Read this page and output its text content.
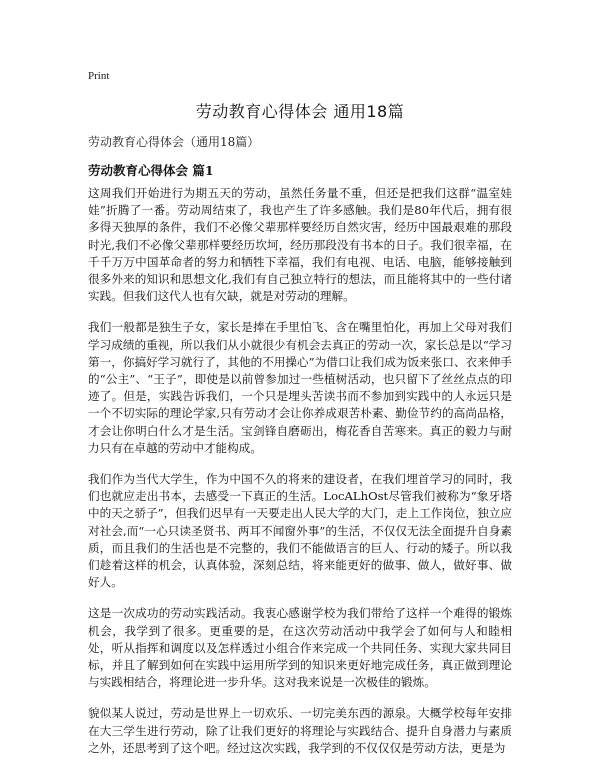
Print
劳动教育心得体会 通用18篇

劳动教育心得体会（通用18篇）

劳动教育心得体会 篇1

这周我们开始进行为期五天的劳动，虽然任务量不重，但还是把我们这群“温室娃娃”折腾了一番。劳动周结束了，我也产生了许多感触。我们是80年代后，拥有很多得天独厚的条件，我们不必像父辈那样要经历自然灾害，经历中国最艰难的那段时光,我们不必像父辈那样要经历坎坷，经历那段没有书本的日子。我们很幸福，在千千万万中国革命者的努力和牺牲下幸福，我们有电视、电话、电脑，能够接触到很多外来的知识和思想文化,我们有自己独立特行的想法，而且能将其中的一些付诸实践。但我们这代人也有欠缺，就是对劳动的理解。

我们一般都是独生子女，家长是捧在手里怕飞、含在嘴里怕化，再加上父母对我们学习成绩的重视，所以我们从小就很少有机会去真正的劳动一次，家长总是以“学习第一，你搞好学习就行了，其他的不用操心”为借口让我们成为饭来张口、衣来伸手的“公主”、“王子”，即使是以前曾参加过一些植树活动，也只留下了丝丝点点的印迹了。但是，实践告诉我们，一个只是埋头苦读书而不参加到实践中的人永远只是一个不切实际的理论学家,只有劳动才会让你养成艰苦朴素、勤俭节约的高尚品格，才会让你明白什么才是生活。宝剑锋自磨砺出，梅花香自苦寒来。真正的毅力与耐力只有在卓越的劳动中才能构成。

我们作为当代大学生，作为中国不久的将来的建设者，在我们埋首学习的同时，我们也就应走出书本，去感受一下真正的生活。LocALhOst尽管我们被称为“象牙塔中的天之骄子”，但我们迟早有一天要走出人民大学的大门，走上工作岗位，独立应对社会,而“一心只读圣贤书、两耳不闻窗外事”的生活，不仅仅无法全面提升自身素质，而且我们的生活也是不完整的，我们不能做语言的巨人、行动的矮子。所以我们趁着这样的机会，认真体验，深刻总结，将来能更好的做事、做人，做好事、做好人。

这是一次成功的劳动实践活动。我衷心感谢学校为我们带给了这样一个难得的锻炼机会，我学到了很多。更重要的是，在这次劳动活动中我学会了如何与人和睦相处，听从指挥和调度以及怎样透过小组合作来完成一个共同任务、实现大家共同目标，并且了解到如何在实践中运用所学到的知识来更好地完成任务，真正做到理论与实践相结合，将理论进一步升华。这对我来说是一次极佳的锻炼。

貌似某人说过，劳动是世界上一切欢乐、一切完美东西的源泉。大概学校每年安排在大三学生进行劳动，除了让我们更好的将理论与实践结合、提升自身潜力与素质之外，还思考到了这个吧。经过这次实践，我学到的不仅仅仅是劳动方法，更是为
